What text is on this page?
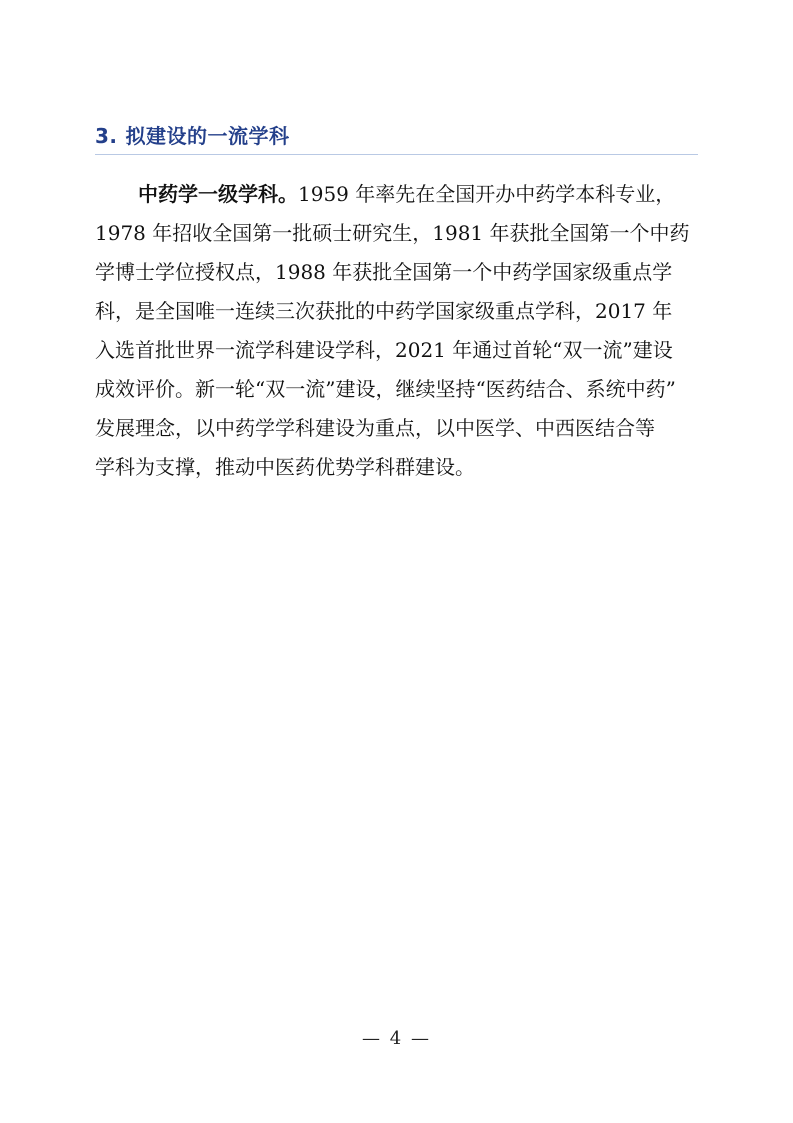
3. 拟建设的一流学科
中药学一级学科。1959 年率先在全国开办中药学本科专业，
1978 年招收全国第一批硕士研究生，1981 年获批全国第一个中药
学博士学位授权点，1988 年获批全国第一个中药学国家级重点学
科，是全国唯一连续三次获批的中药学国家级重点学科，2017 年
入选首批世界一流学科建设学科，2021 年通过首轮“双一流”建设
成效评价。新一轮“双一流”建设，继续坚持“医药结合、系统中药”
发展理念，以中药学学科建设为重点，以中医学、中西医结合等
学科为支撑，推动中医药优势学科群建设。
— 4 —
